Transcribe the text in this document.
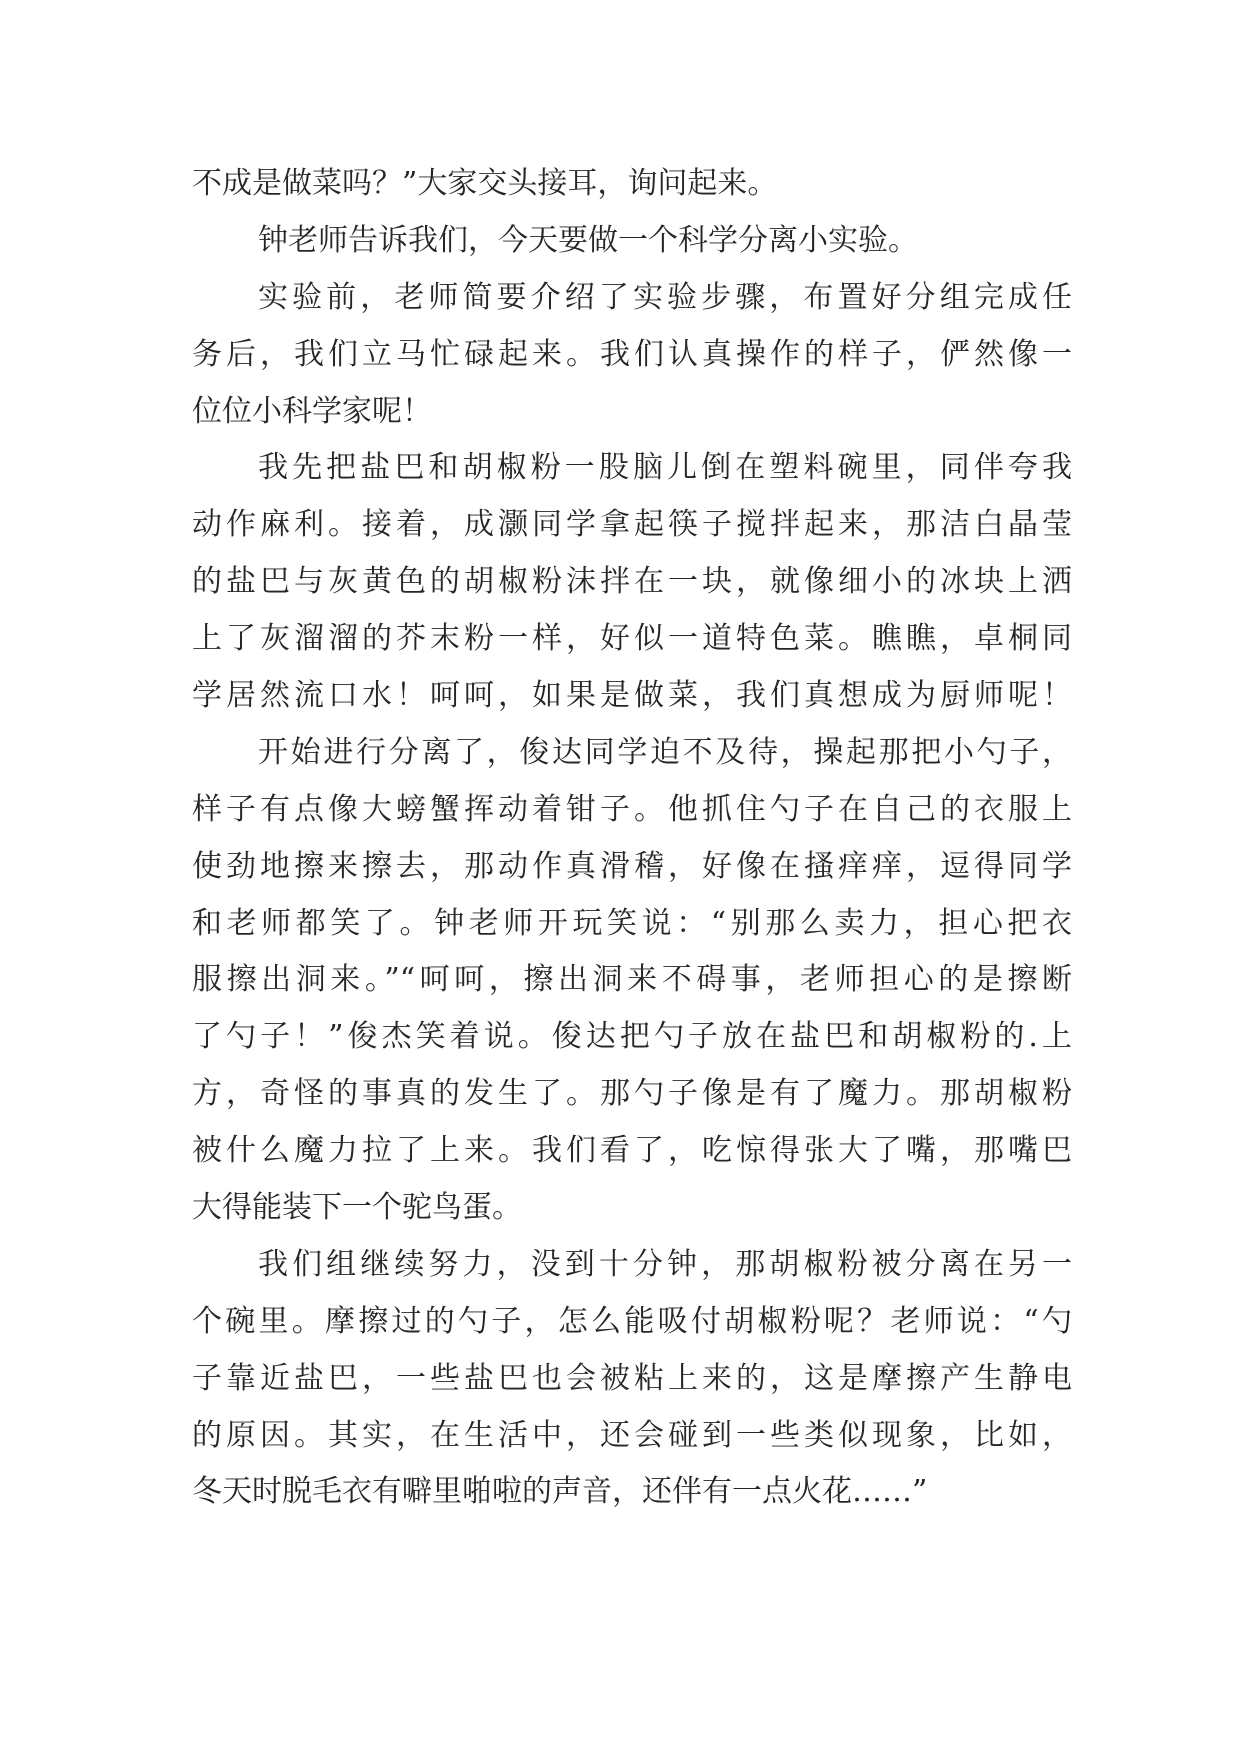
不成是做菜吗？”大家交头接耳，询问起来。
钟老师告诉我们，今天要做一个科学分离小实验。
实验前，老师简要介绍了实验步骤，布置好分组完成任
务后，我们立马忙碌起来。我们认真操作的样子，俨然像一
位位小科学家呢！
我先把盐巴和胡椒粉一股脑儿倒在塑料碗里，同伴夸我
动作麻利。接着，成灏同学拿起筷子搅拌起来，那洁白晶莹
的盐巴与灰黄色的胡椒粉沫拌在一块，就像细小的冰块上洒
上了灰溜溜的芥末粉一样，好似一道特色菜。瞧瞧，卓桐同
学居然流口水！呵呵，如果是做菜，我们真想成为厨师呢！
开始进行分离了，俊达同学迫不及待，操起那把小勺子，
样子有点像大螃蟹挥动着钳子。他抓住勺子在自己的衣服上
使劲地擦来擦去，那动作真滑稽，好像在搔痒痒，逗得同学
和老师都笑了。钟老师开玩笑说：“别那么卖力，担心把衣
服擦出洞来。”“呵呵，擦出洞来不碍事，老师担心的是擦断
了勺子！”俊杰笑着说。俊达把勺子放在盐巴和胡椒粉的.上
方，奇怪的事真的发生了。那勺子像是有了魔力。那胡椒粉
被什么魔力拉了上来。我们看了，吃惊得张大了嘴，那嘴巴
大得能装下一个驼鸟蛋。
我们组继续努力，没到十分钟，那胡椒粉被分离在另一
个碗里。摩擦过的勺子，怎么能吸付胡椒粉呢？老师说：“勺
子靠近盐巴，一些盐巴也会被粘上来的，这是摩擦产生静电
的原因。其实，在生活中，还会碰到一些类似现象，比如，
冬天时脱毛衣有噼里啪啦的声音，还伴有一点火花……”
